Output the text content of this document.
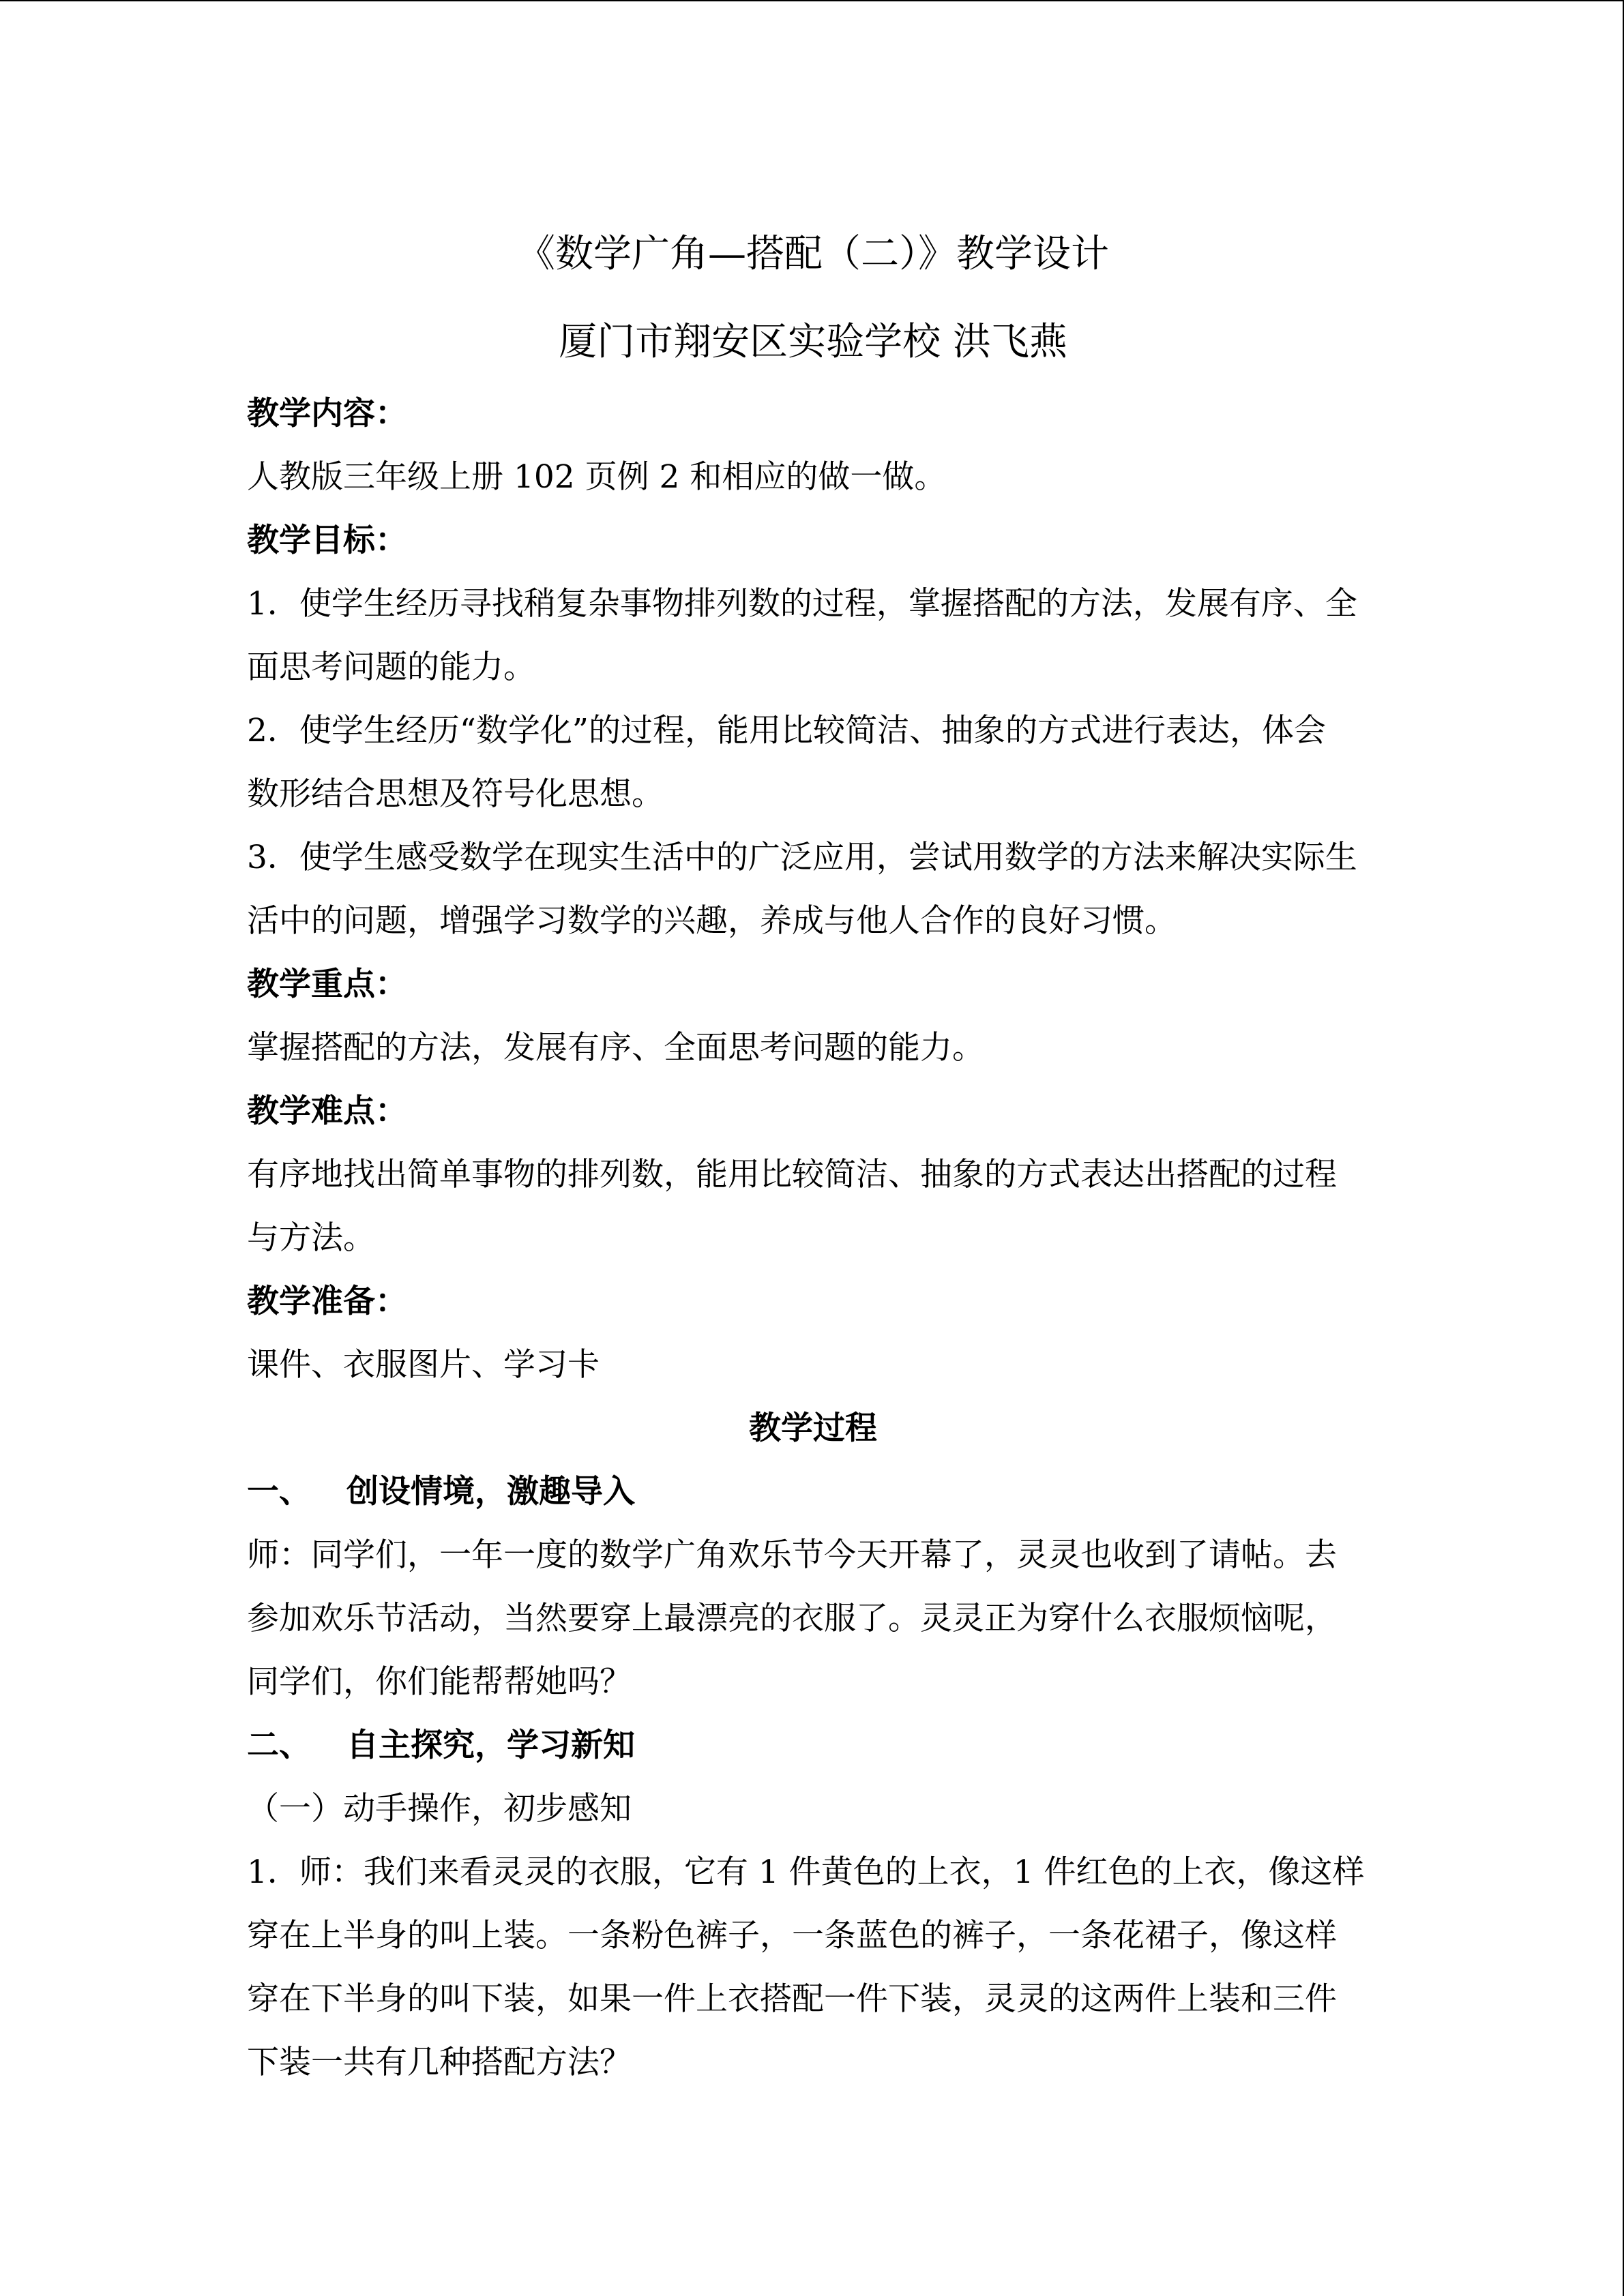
《数学广角—搭配（二）》教学设计
厦门市翔安区实验学校 洪飞燕

教学内容：

人教版三年级上册 102 页例 2 和相应的做一做。

教学目标：

1．使学生经历寻找稍复杂事物排列数的过程，掌握搭配的方法，发展有序、全

面思考问题的能力。

2．使学生经历“数学化”的过程，能用比较简洁、抽象的方式进行表达，体会

数形结合思想及符号化思想。

3．使学生感受数学在现实生活中的广泛应用，尝试用数学的方法来解决实际生

活中的问题，增强学习数学的兴趣，养成与他人合作的良好习惯。

教学重点：

掌握搭配的方法，发展有序、全面思考问题的能力。

教学难点：

有序地找出简单事物的排列数，能用比较简洁、抽象的方式表达出搭配的过程

与方法。

教学准备：

课件、衣服图片、学习卡

教学过程

一、 创设情境，激趣导入

师：同学们，一年一度的数学广角欢乐节今天开幕了，灵灵也收到了请帖。去

参加欢乐节活动，当然要穿上最漂亮的衣服了。灵灵正为穿什么衣服烦恼呢，

同学们，你们能帮帮她吗？

二、 自主探究，学习新知

（一）动手操作，初步感知

1．师：我们来看灵灵的衣服，它有 1 件黄色的上衣，1 件红色的上衣，像这样

穿在上半身的叫上装。一条粉色裤子，一条蓝色的裤子，一条花裙子，像这样

穿在下半身的叫下装，如果一件上衣搭配一件下装，灵灵的这两件上装和三件

下装一共有几种搭配方法？
